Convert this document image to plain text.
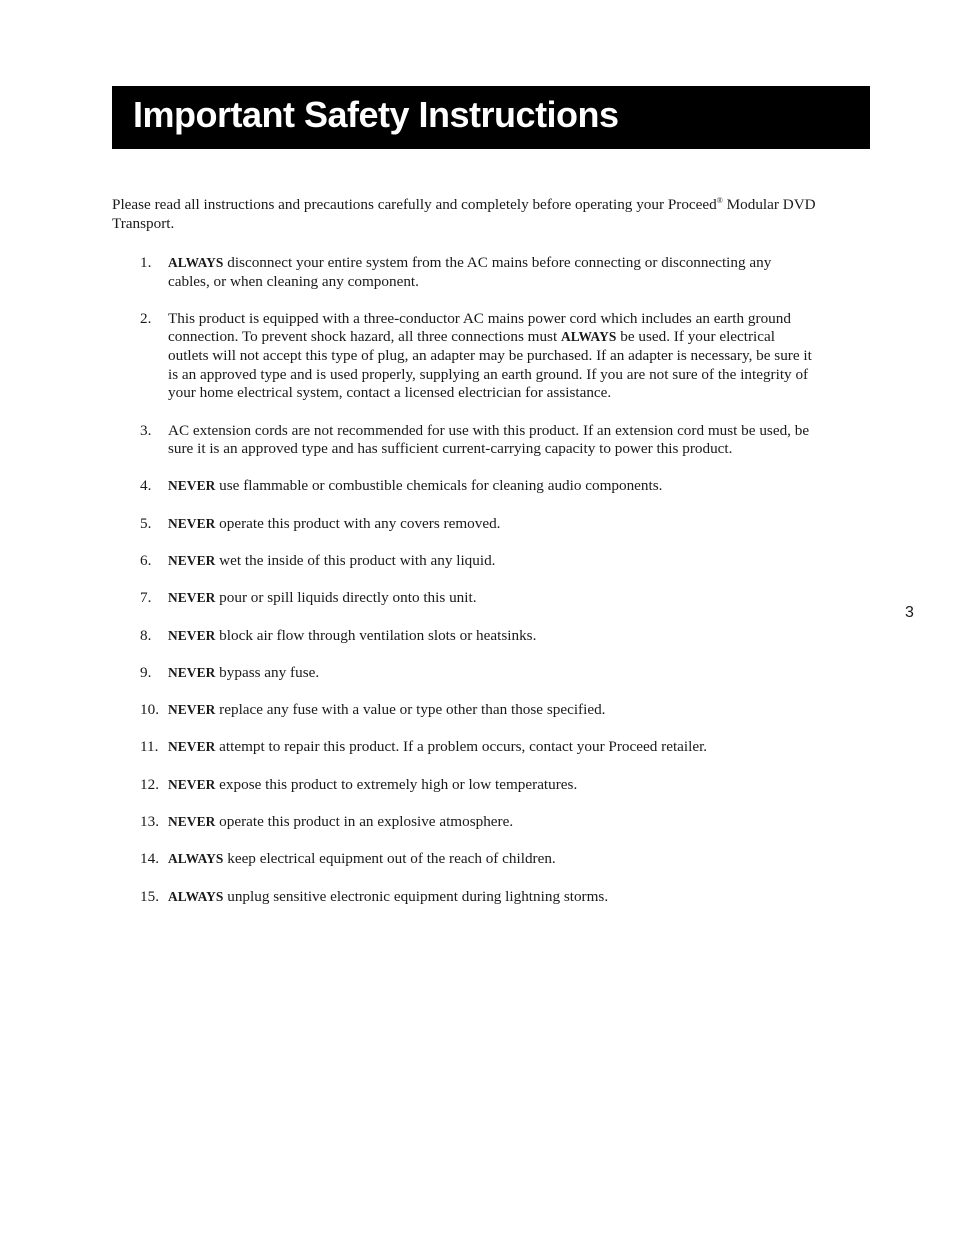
Important Safety Instructions

Please read all instructions and precautions carefully and completely before operating your Proceed® Modular DVD Transport.

1. ALWAYS disconnect your entire system from the AC mains before connecting or disconnecting any cables, or when cleaning any component.
2. This product is equipped with a three-conductor AC mains power cord which includes an earth ground connection. To prevent shock hazard, all three connections must ALWAYS be used. If your electrical outlets will not accept this type of plug, an adapter may be purchased. If an adapter is necessary, be sure it is an approved type and is used properly, supplying an earth ground. If you are not sure of the integrity of your home electrical system, contact a licensed electrician for assistance.
3. AC extension cords are not recommended for use with this product. If an extension cord must be used, be sure it is an approved type and has sufficient current-carrying capacity to power this product.
4. NEVER use flammable or combustible chemicals for cleaning audio components.
5. NEVER operate this product with any covers removed.
6. NEVER wet the inside of this product with any liquid.
7. NEVER pour or spill liquids directly onto this unit.
8. NEVER block air flow through ventilation slots or heatsinks.
9. NEVER bypass any fuse.
10. NEVER replace any fuse with a value or type other than those specified.
11. NEVER attempt to repair this product. If a problem occurs, contact your Proceed retailer.
12. NEVER expose this product to extremely high or low temperatures.
13. NEVER operate this product in an explosive atmosphere.
14. ALWAYS keep electrical equipment out of the reach of children.
15. ALWAYS unplug sensitive electronic equipment during lightning storms.
3
